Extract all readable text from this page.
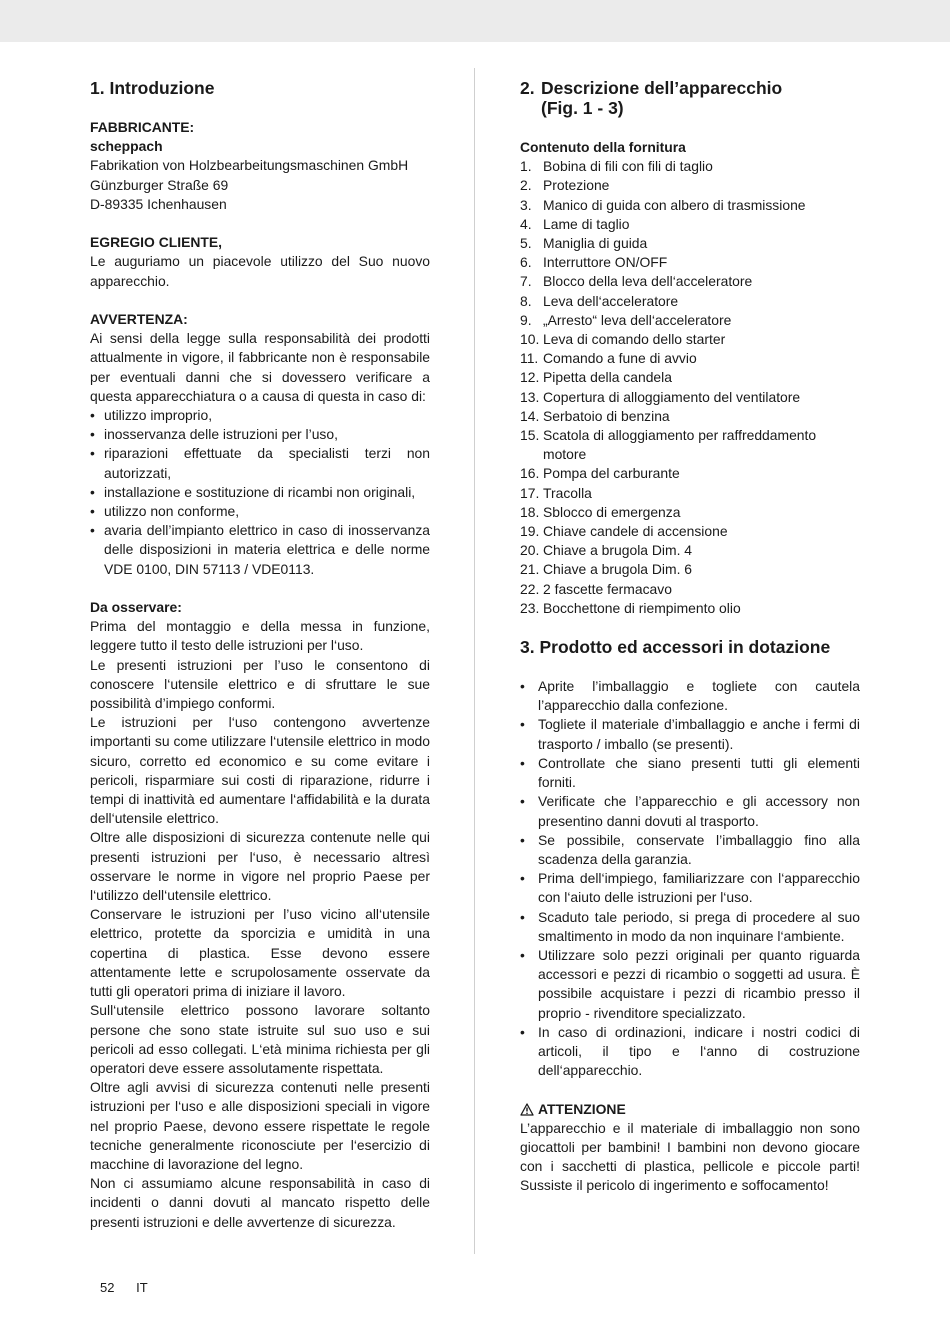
1. Introduzione

FABBRICANTE:

scheppach

Fabrikation von Holzbearbeitungsmaschinen GmbH

Günzburger Straße 69

D-89335 Ichenhausen

EGREGIO CLIENTE,

Le auguriamo un piacevole utilizzo del Suo nuovo apparecchio.

AVVERTENZA:

Ai sensi della legge sulla responsabilità dei prodotti attualmente in vigore, il fabbricante non è responsabile per eventuali danni che si dovessero verificare a questa apparecchiatura o a causa di questa in caso di:

• utilizzo improprio,
• inosservanza delle istruzioni per l’uso,
• riparazioni effettuate da specialisti terzi non autorizzati,
• installazione e sostituzione di ricambi non originali,
• utilizzo non conforme,
• avaria dell’impianto elettrico in caso di inosservanza delle disposizioni in materia elettrica e delle norme VDE 0100, DIN 57113 / VDE0113.

Da osservare:

Prima del montaggio e della messa in funzione, leggere tutto il testo delle istruzioni per l‘uso.

Le presenti istruzioni per l’uso le consentono di conoscere l‘utensile elettrico e di sfruttare le sue possibilità d’impiego conformi.

Le istruzioni per l‘uso contengono avvertenze importanti su come utilizzare l‘utensile elettrico in modo sicuro, corretto ed economico e su come evitare i pericoli, risparmiare sui costi di riparazione, ridurre i tempi di inattività ed aumentare l‘affidabilità e la durata dell‘utensile elettrico.

Oltre alle disposizioni di sicurezza contenute nelle qui presenti istruzioni per l‘uso, è necessario altresì osservare le norme in vigore nel proprio Paese per l‘utilizzo dell‘utensile elettrico.

Conservare le istruzioni per l’uso vicino all‘utensile elettrico, protette da sporcizia e umidità in una copertina di plastica. Esse devono essere attentamente lette e scrupolosamente osservate da tutti gli operatori prima di iniziare il lavoro.

Sull‘utensile elettrico possono lavorare soltanto persone che sono state istruite sul suo uso e sui pericoli ad esso collegati. L‘età minima richiesta per gli operatori deve essere assolutamente rispettata.

Oltre agli avvisi di sicurezza contenuti nelle presenti istruzioni per l‘uso e alle disposizioni speciali in vigore nel proprio Paese, devono essere rispettate le regole tecniche generalmente riconosciute per l‘esercizio di macchine di lavorazione del legno.

Non ci assumiamo alcune responsabilità in caso di incidenti o danni dovuti al mancato rispetto delle presenti istruzioni e delle avvertenze di sicurezza.

2. Descrizione dell’apparecchio
(Fig. 1 - 3)

Contenuto della fornitura

1. Bobina di fili con fili di taglio
2. Protezione
3. Manico di guida con albero di trasmissione
4. Lame di taglio
5. Maniglia di guida
6. Interruttore ON/OFF
7. Blocco della leva dell‘acceleratore
8. Leva dell‘acceleratore
9. „Arresto“ leva dell‘acceleratore
10. Leva di comando dello starter
11. Comando a fune di avvio
12. Pipetta della candela
13. Copertura di alloggiamento del ventilatore
14. Serbatoio di benzina
15. Scatola di alloggiamento per raffreddamento motore
16. Pompa del carburante
17. Tracolla
18. Sblocco di emergenza
19. Chiave candele di accensione
20. Chiave a brugola Dim. 4
21. Chiave a brugola Dim. 6
22. 2 fascette fermacavo
23. Bocchettone di riempimento olio
3. Prodotto ed accessori in dotazione
• Aprite l’imballaggio e togliete con cautela l’apparecchio dalla confezione.
• Togliete il materiale d’imballaggio e anche i fermi di trasporto / imballo (se presenti).
• Controllate che siano presenti tutti gli elementi forniti.
• Verificate che l’apparecchio e gli accessory non presentino danni dovuti al trasporto.
• Se possibile, conservate l’imballaggio fino alla scadenza della garanzia.
• Prima dell‘impiego, familiarizzare con l‘apparecchio con l‘aiuto delle istruzioni per l‘uso.
• Scaduto tale periodo, si prega di procedere al suo smaltimento in modo da non inquinare l‘ambiente.
• Utilizzare solo pezzi originali per quanto riguarda accessori e pezzi di ricambio o soggetti ad usura. È possibile acquistare i pezzi di ricambio presso il proprio - rivenditore specializzato.
• In caso di ordinazioni, indicare i nostri codici di articoli, il tipo e l‘anno di costruzione dell‘apparecchio.
ATTENZIONE

L’apparecchio e il materiale di imballaggio non sono giocattoli per bambini! I bambini non devono giocare con i sacchetti di plastica, pellicole e piccole parti! Sussiste il pericolo di ingerimento e soffocamento!

52 IT
